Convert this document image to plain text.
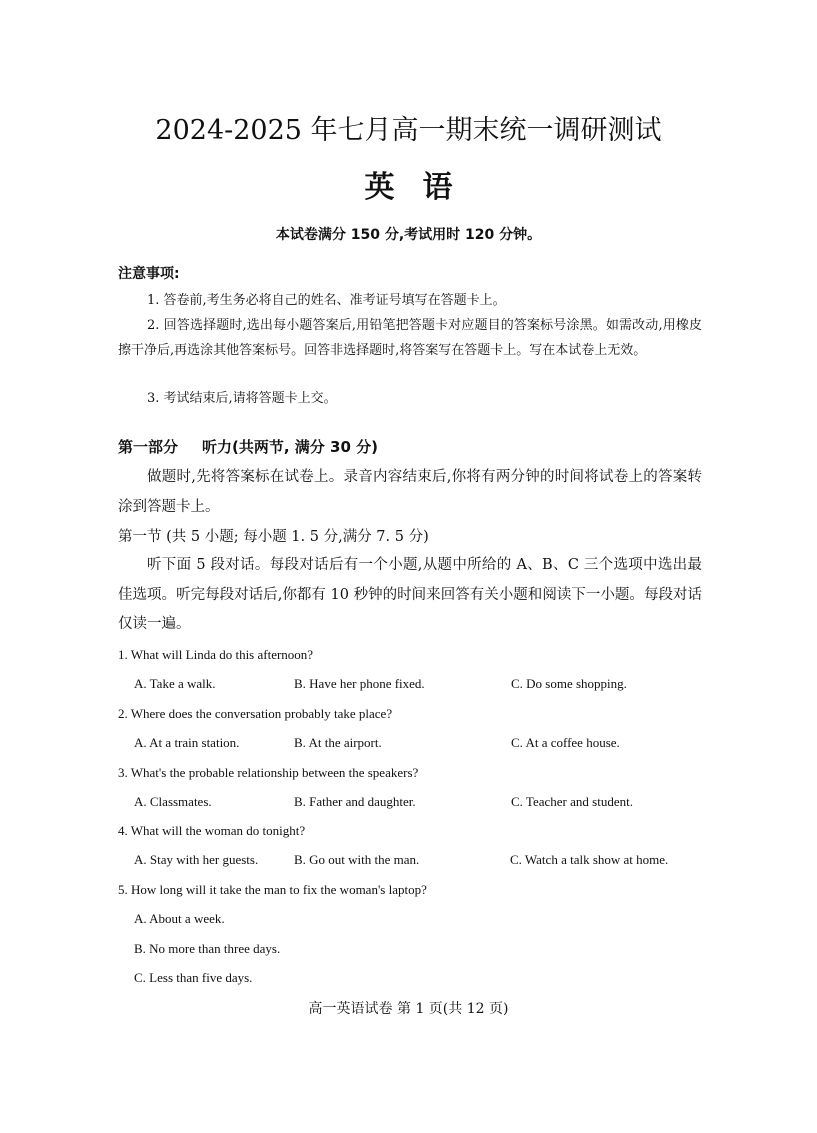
2024-2025 年七月高一期末统一调研测试
英语
本试卷满分 150 分,考试用时 120 分钟。
注意事项:
1. 答卷前,考生务必将自己的姓名、准考证号填写在答题卡上。
2. 回答选择题时,选出每小题答案后,用铅笔把答题卡对应题目的答案标号涂黑。如需改动,用橡皮擦干净后,再选涂其他答案标号。回答非选择题时,将答案写在答题卡上。写在本试卷上无效。
3. 考试结束后,请将答题卡上交。
第一部分 听力(共两节, 满分 30 分)
做题时,先将答案标在试卷上。录音内容结束后,你将有两分钟的时间将试卷上的答案转涂到答题卡上。
第一节 (共 5 小题; 每小题 1. 5 分,满分 7. 5 分)
听下面 5 段对话。每段对话后有一个小题,从题中所给的 A、B、C 三个选项中选出最佳选项。听完每段对话后,你都有 10 秒钟的时间来回答有关小题和阅读下一小题。每段对话仅读一遍。
1. What will Linda do this afternoon?
A. Take a walk.	B. Have her phone fixed.	C. Do some shopping.
2. Where does the conversation probably take place?
A. At a train station.	B. At the airport.	C. At a coffee house.
3. What's the probable relationship between the speakers?
A. Classmates.	B. Father and daughter.	C. Teacher and student.
4. What will the woman do tonight?
A. Stay with her guests.	B. Go out with the man.	C. Watch a talk show at home.
5. How long will it take the man to fix the woman's laptop?
A. About a week.
B. No more than three days.
C. Less than five days.
高一英语试卷 第 1 页(共 12 页)
